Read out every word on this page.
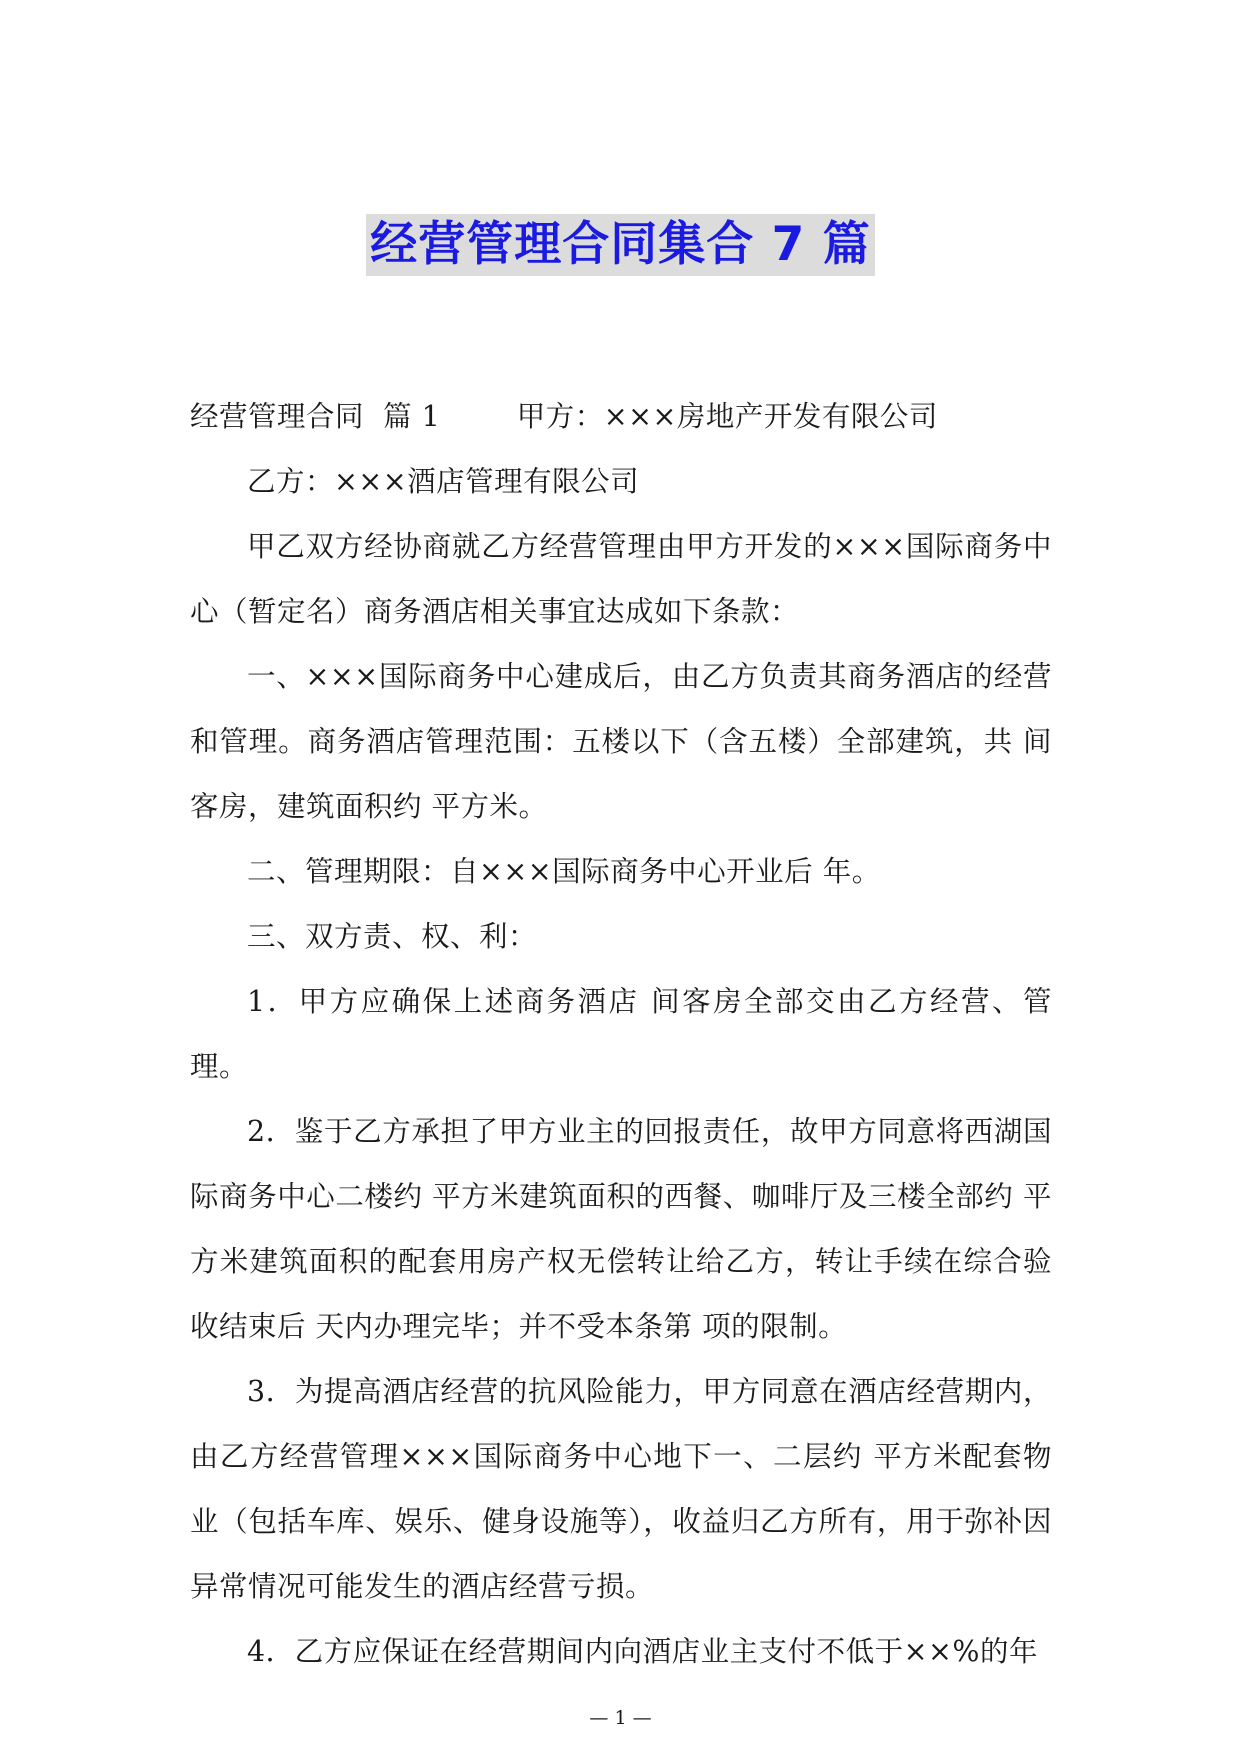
经营管理合同集合 7 篇

经营管理合同  篇 1        甲方：×××房地产开发有限公司

乙方：×××酒店管理有限公司

甲乙双方经协商就乙方经营管理由甲方开发的×××国际商务中心（暂定名）商务酒店相关事宜达成如下条款：

一、×××国际商务中心建成后，由乙方负责其商务酒店的经营和管理。商务酒店管理范围：五楼以下（含五楼）全部建筑，共 间客房，建筑面积约 平方米。

二、管理期限：自×××国际商务中心开业后 年。

三、双方责、权、利：

1．甲方应确保上述商务酒店 间客房全部交由乙方经营、管理。

2．鉴于乙方承担了甲方业主的回报责任，故甲方同意将西湖国际商务中心二楼约 平方米建筑面积的西餐、咖啡厅及三楼全部约 平方米建筑面积的配套用房产权无偿转让给乙方，转让手续在综合验收结束后 天内办理完毕；并不受本条第 项的限制。

3．为提高酒店经营的抗风险能力，甲方同意在酒店经营期内，由乙方经营管理×××国际商务中心地下一、二层约 平方米配套物业（包括车库、娱乐、健身设施等），收益归乙方所有，用于弥补因异常情况可能发生的酒店经营亏损。

4．乙方应保证在经营期间内向酒店业主支付不低于××%的年

— 1 —
